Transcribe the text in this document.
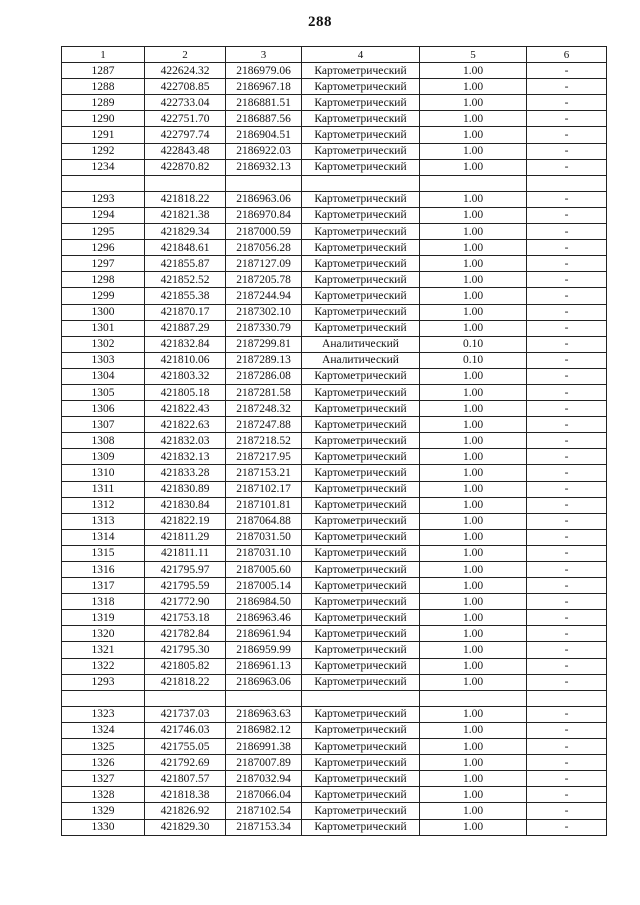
288
1	2	3	4	5	6
1287	422624.32	2186979.06	Картометрический	1.00	-
1288	422708.85	2186967.18	Картометрический	1.00	-
1289	422733.04	2186881.51	Картометрический	1.00	-
1290	422751.70	2186887.56	Картометрический	1.00	-
1291	422797.74	2186904.51	Картометрический	1.00	-
1292	422843.48	2186922.03	Картометрический	1.00	-
1234	422870.82	2186932.13	Картометрический	1.00	-

1293	421818.22	2186963.06	Картометрический	1.00	-
1294	421821.38	2186970.84	Картометрический	1.00	-
1295	421829.34	2187000.59	Картометрический	1.00	-
1296	421848.61	2187056.28	Картометрический	1.00	-
1297	421855.87	2187127.09	Картометрический	1.00	-
1298	421852.52	2187205.78	Картометрический	1.00	-
1299	421855.38	2187244.94	Картометрический	1.00	-
1300	421870.17	2187302.10	Картометрический	1.00	-
1301	421887.29	2187330.79	Картометрический	1.00	-
1302	421832.84	2187299.81	Аналитический	0.10	-
1303	421810.06	2187289.13	Аналитический	0.10	-
1304	421803.32	2187286.08	Картометрический	1.00	-
1305	421805.18	2187281.58	Картометрический	1.00	-
1306	421822.43	2187248.32	Картометрический	1.00	-
1307	421822.63	2187247.88	Картометрический	1.00	-
1308	421832.03	2187218.52	Картометрический	1.00	-
1309	421832.13	2187217.95	Картометрический	1.00	-
1310	421833.28	2187153.21	Картометрический	1.00	-
1311	421830.89	2187102.17	Картометрический	1.00	-
1312	421830.84	2187101.81	Картометрический	1.00	-
1313	421822.19	2187064.88	Картометрический	1.00	-
1314	421811.29	2187031.50	Картометрический	1.00	-
1315	421811.11	2187031.10	Картометрический	1.00	-
1316	421795.97	2187005.60	Картометрический	1.00	-
1317	421795.59	2187005.14	Картометрический	1.00	-
1318	421772.90	2186984.50	Картометрический	1.00	-
1319	421753.18	2186963.46	Картометрический	1.00	-
1320	421782.84	2186961.94	Картометрический	1.00	-
1321	421795.30	2186959.99	Картометрический	1.00	-
1322	421805.82	2186961.13	Картометрический	1.00	-
1293	421818.22	2186963.06	Картометрический	1.00	-

1323	421737.03	2186963.63	Картометрический	1.00	-
1324	421746.03	2186982.12	Картометрический	1.00	-
1325	421755.05	2186991.38	Картометрический	1.00	-
1326	421792.69	2187007.89	Картометрический	1.00	-
1327	421807.57	2187032.94	Картометрический	1.00	-
1328	421818.38	2187066.04	Картометрический	1.00	-
1329	421826.92	2187102.54	Картометрический	1.00	-
1330	421829.30	2187153.34	Картометрический	1.00	-
